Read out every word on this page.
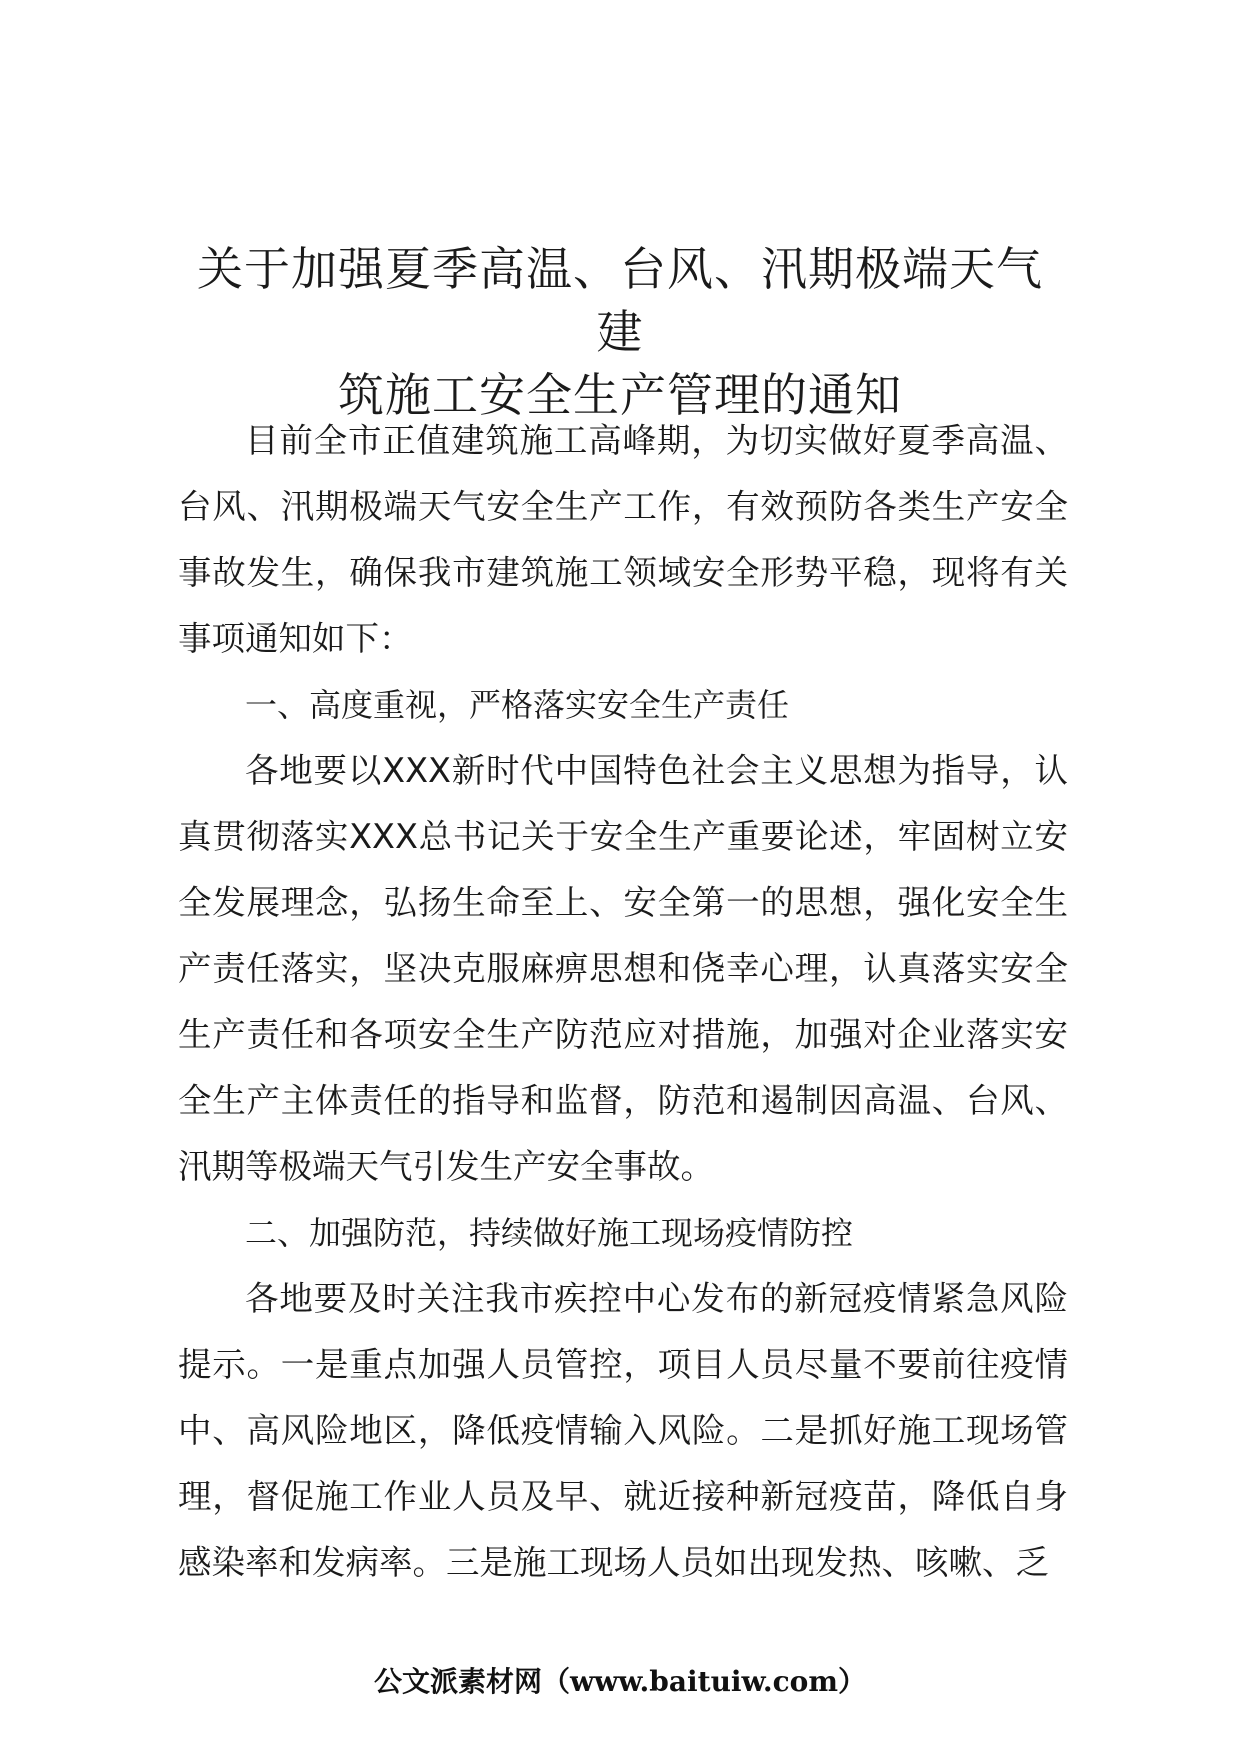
关于加强夏季高温、台风、汛期极端天气建
筑施工安全生产管理的通知

目前全市正值建筑施工高峰期，为切实做好夏季高温、台风、汛期极端天气安全生产工作，有效预防各类生产安全事故发生，确保我市建筑施工领域安全形势平稳，现将有关事项通知如下：

一、高度重视，严格落实安全生产责任

各地要以XXX新时代中国特色社会主义思想为指导，认真贯彻落实XXX总书记关于安全生产重要论述，牢固树立安全发展理念，弘扬生命至上、安全第一的思想，强化安全生产责任落实，坚决克服麻痹思想和侥幸心理，认真落实安全生产责任和各项安全生产防范应对措施，加强对企业落实安全生产主体责任的指导和监督，防范和遏制因高温、台风、汛期等极端天气引发生产安全事故。

二、加强防范，持续做好施工现场疫情防控

各地要及时关注我市疾控中心发布的新冠疫情紧急风险提示。一是重点加强人员管控，项目人员尽量不要前往疫情中、高风险地区，降低疫情输入风险。二是抓好施工现场管理，督促施工作业人员及早、就近接种新冠疫苗，降低自身感染率和发病率。三是施工现场人员如出现发热、咳嗽、乏

公文派素材网（www.baituiw.com）
